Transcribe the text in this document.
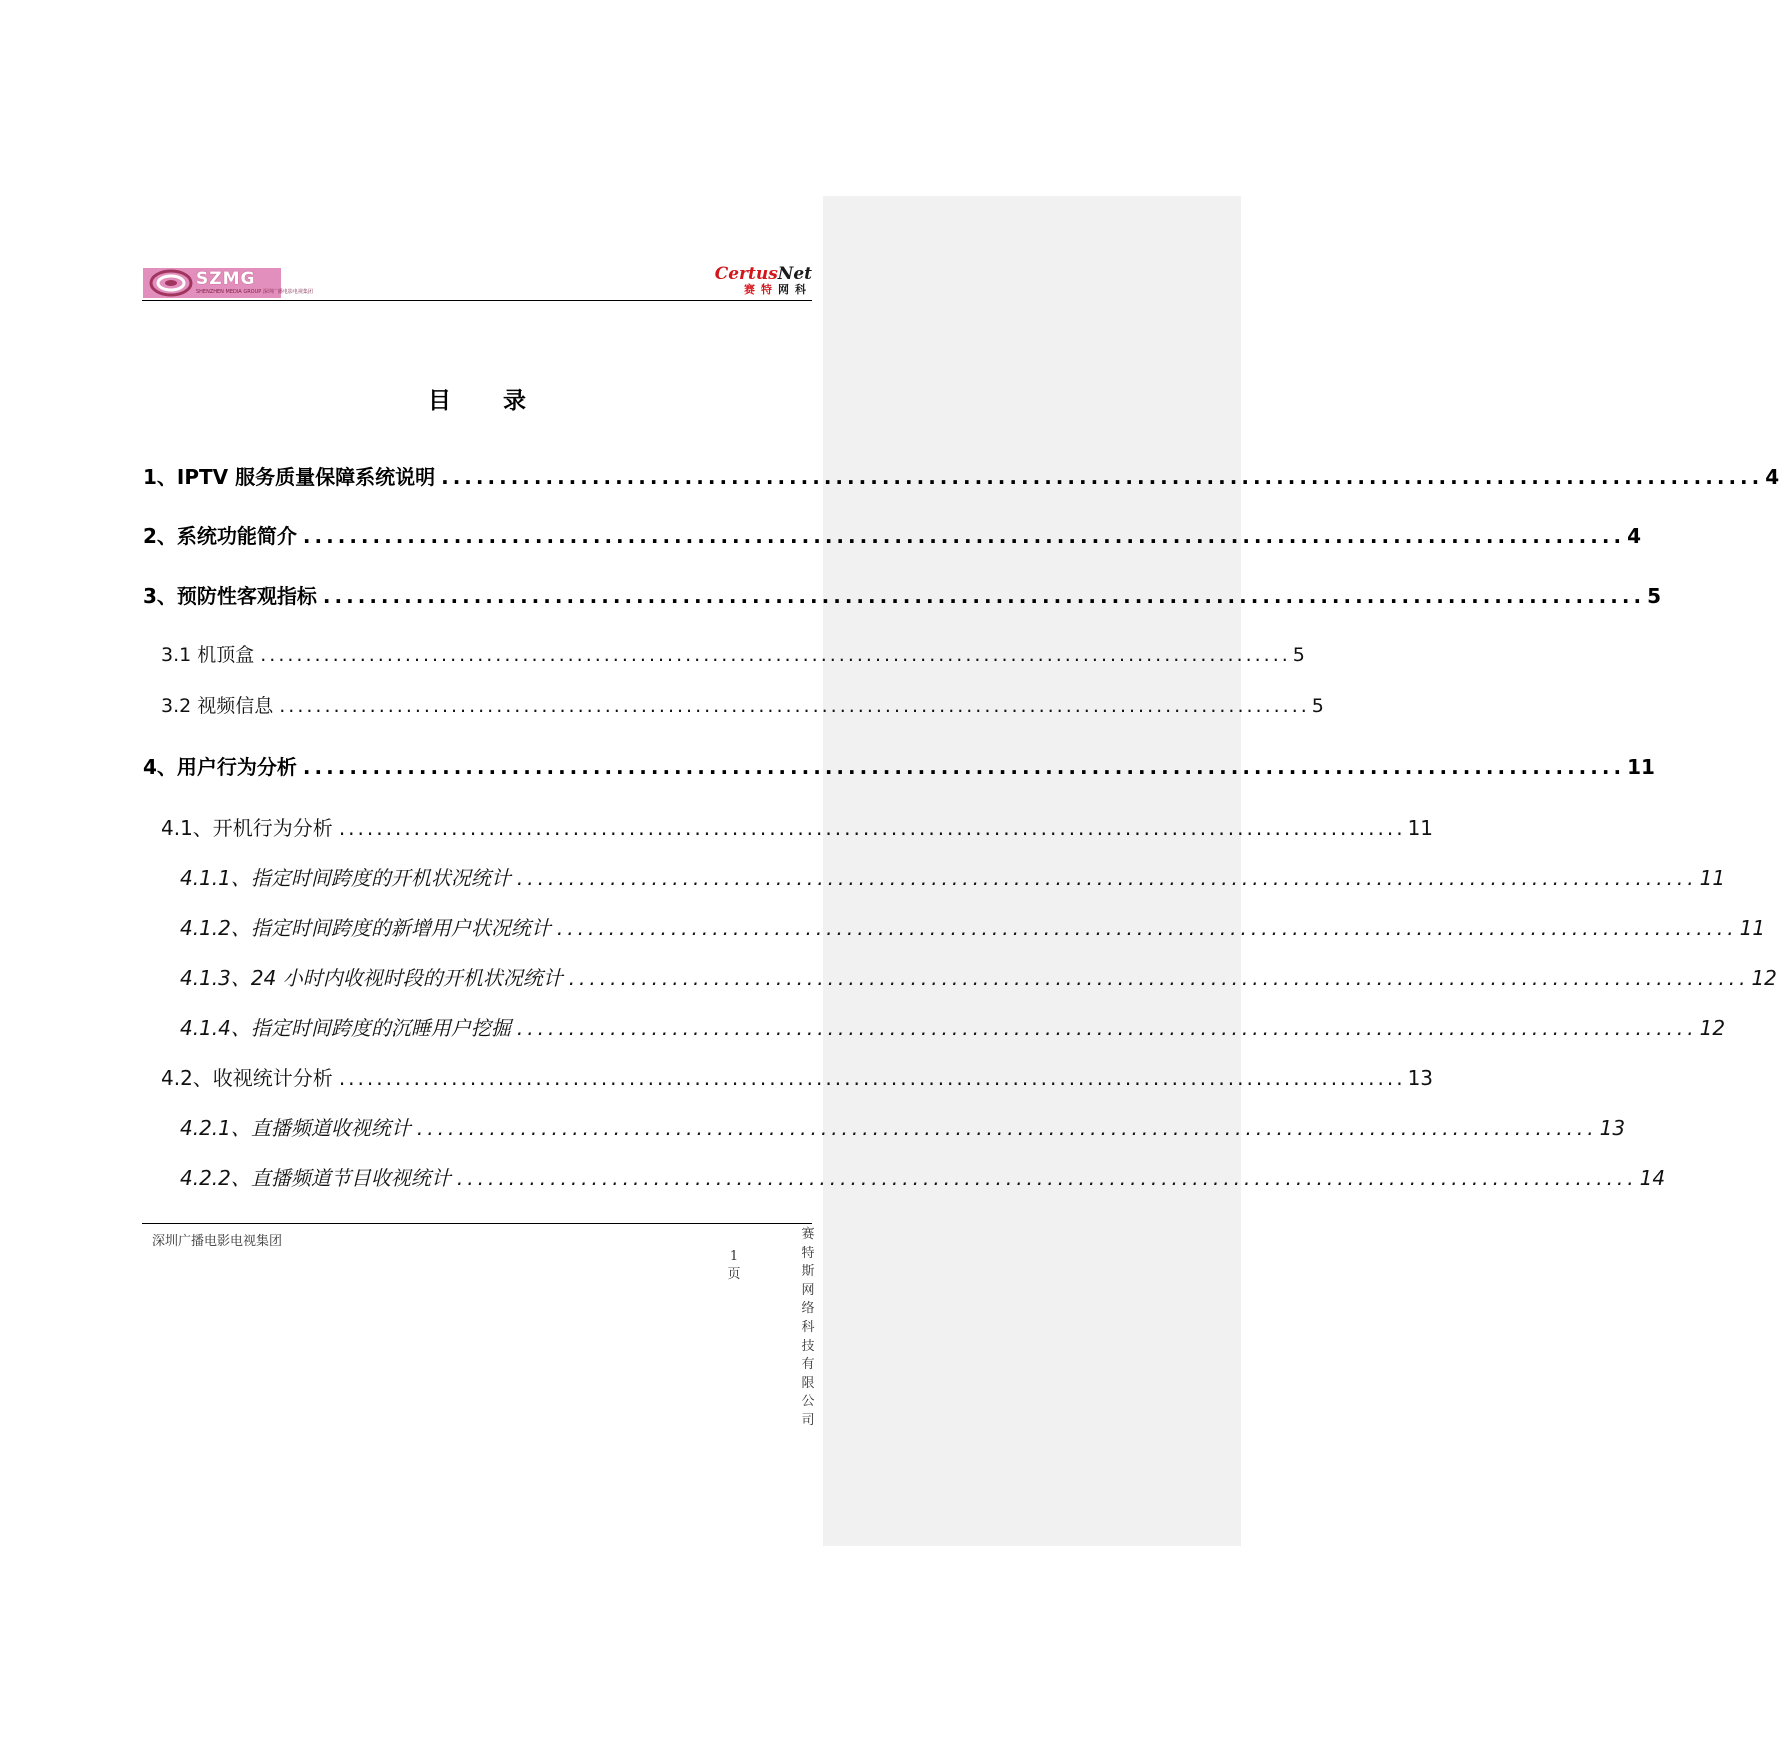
SZMG
SHENZHEN MEDIA GROUP 深圳广播电影电视集团
CertusNet
赛特网科
目 录
1、IPTV 服务质量保障系统说明 .................................................................................................................. 4
2、系统功能简介 .................................................................................................................. 4
3、预防性客观指标 .................................................................................................................. 5
3.1 机顶盒 .................................................................................................................. 5
3.2 视频信息 .................................................................................................................. 5
4、用户行为分析 .................................................................................................................. 11
4.1、开机行为分析 .................................................................................................................. 11
4.1.1、指定时间跨度的开机状况统计 .................................................................................................................. 11
4.1.2、指定时间跨度的新增用户状况统计 .................................................................................................................. 11
4.1.3、24 小时内收视时段的开机状况统计 .................................................................................................................. 12
4.1.4、指定时间跨度的沉睡用户挖掘 .................................................................................................................. 12
4.2、收视统计分析 .................................................................................................................. 13
4.2.1、直播频道收视统计 .................................................................................................................. 13
4.2.2、直播频道节目收视统计 .................................................................................................................. 14
深圳广播电影电视集团
1
页
赛特斯网络科技有限公司
